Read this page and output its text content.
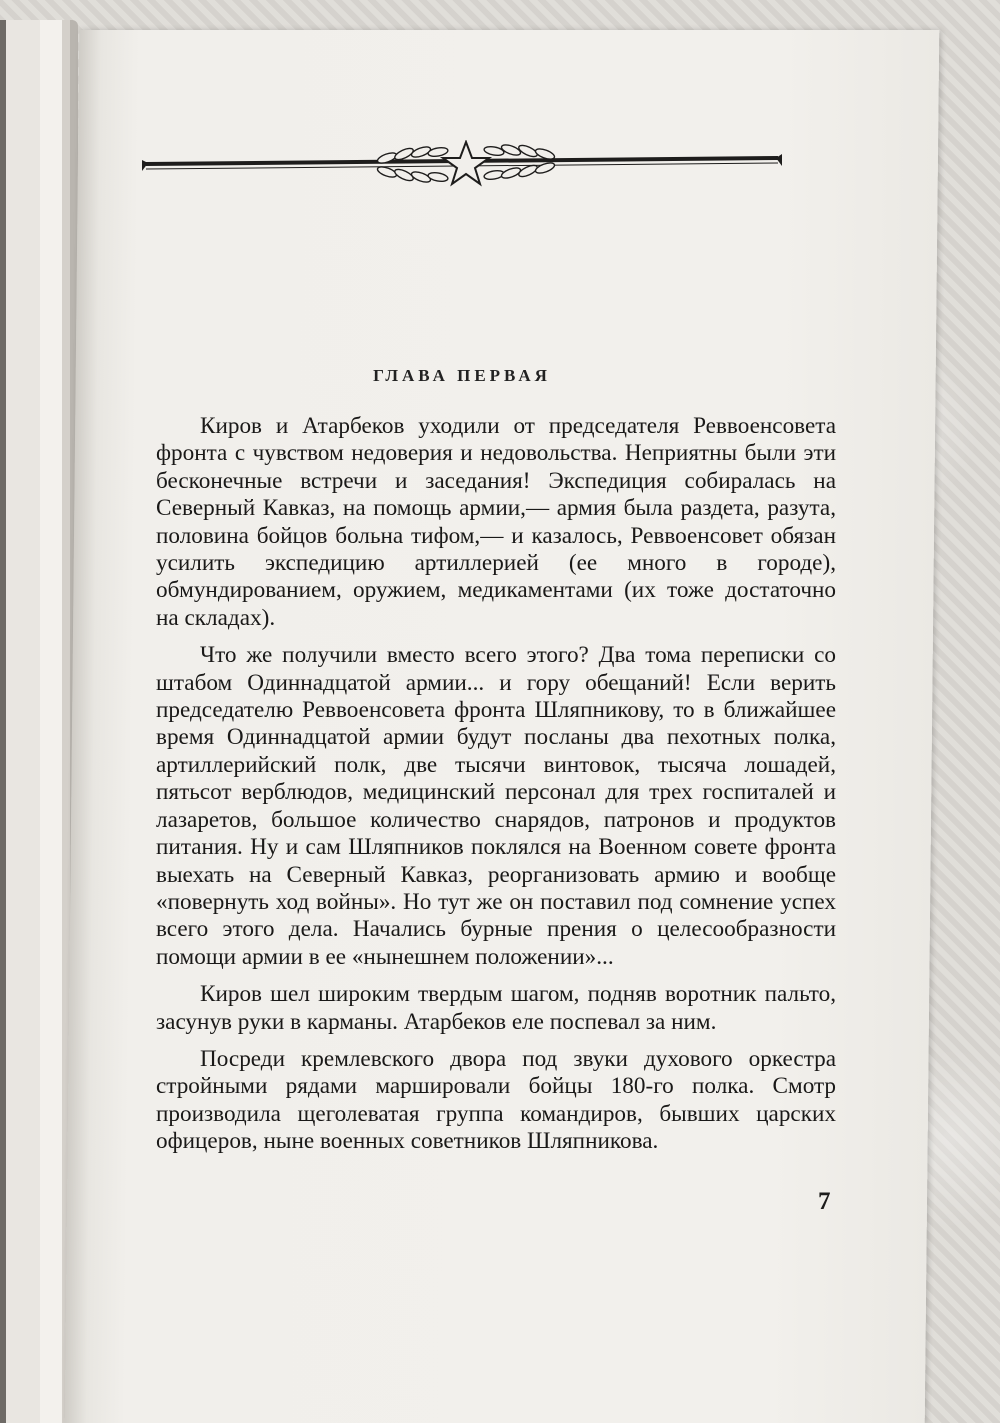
ГЛАВА ПЕРВАЯ

Киров и Атарбеков уходили от председателя Реввоенсовета фронта с чувством недоверия и недовольства. Неприятны были эти бесконечные встречи и заседания! Экспедиция собиралась на Северный Кавказ, на помощь армии,— армия была раздета, разута, половина бойцов больна тифом,— и казалось, Реввоенсовет обязан усилить экспедицию артиллерией (ее много в городе), обмундированием, оружием, медикаментами (их тоже достаточно на складах).

Что же получили вместо всего этого? Два тома переписки со штабом Одиннадцатой армии... и гору обещаний! Если верить председателю Реввоенсовета фронта Шляпникову, то в ближайшее время Одиннадцатой армии будут посланы два пехотных полка, артиллерийский полк, две тысячи винтовок, тысяча лошадей, пятьсот верблюдов, медицинский персонал для трех госпиталей и лазаретов, большое количество снарядов, патронов и продуктов питания. Ну и сам Шляпников поклялся на Военном совете фронта выехать на Северный Кавказ, реорганизовать армию и вообще «повернуть ход войны». Но тут же он поставил под сомнение успех всего этого дела. Начались бурные прения о целесообразности помощи армии в ее «нынешнем положении»...

Киров шел широким твердым шагом, подняв воротник пальто, засунув руки в карманы. Атарбеков еле поспевал за ним.

Посреди кремлевского двора под звуки духового оркестра стройными рядами маршировали бойцы 180-го полка. Смотр производила щеголеватая группа командиров, бывших царских офицеров, ныне военных советников Шляпникова.

7
